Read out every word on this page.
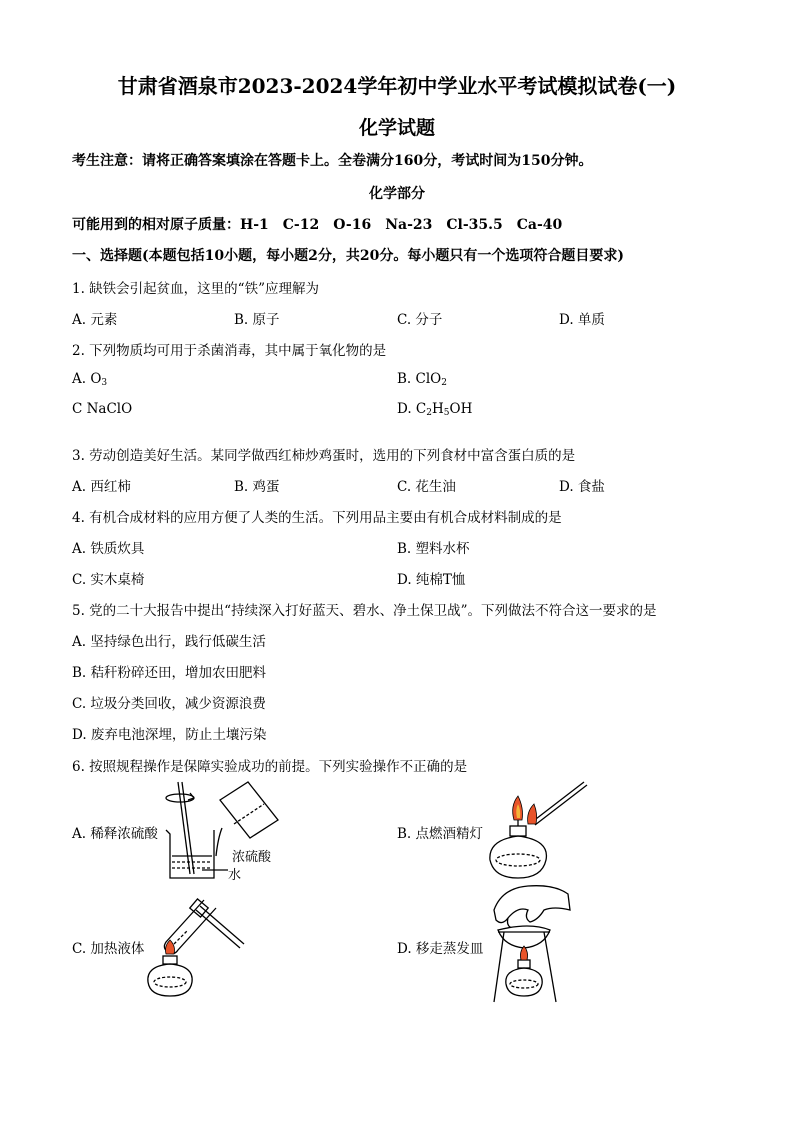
甘肃省酒泉市2023-2024学年初中学业水平考试模拟试卷(一)
化学试题
考生注意：请将正确答案填涂在答题卡上。全卷满分160分，考试时间为150分钟。
化学部分
可能用到的相对原子质量：H-1　C-12　O-16　Na-23　Cl-35.5　Ca-40
一、选择题(本题包括10小题，每小题2分，共20分。每小题只有一个选项符合题目要求)
1. 缺铁会引起贫血，这里的“铁”应理解为
A. 元素	B. 原子	C. 分子	D. 单质
2. 下列物质均可用于杀菌消毒，其中属于氧化物的是
A. $O_3$	B. ClO$_2$
C NaClO	D. $C_2H_5OH$
3. 劳动创造美好生活。某同学做西红柿炒鸡蛋时，选用的下列食材中富含蛋白质的是
A. 西红柿	B. 鸡蛋	C. 花生油	D. 食盐
4. 有机合成材料的应用方便了人类的生活。下列用品主要由有机合成材料制成的是
A. 铁质炊具	B. 塑料水杯
C. 实木桌椅	D. 纯棉T恤
5. 党的二十大报告中提出“持续深入打好蓝天、碧水、净土保卫战”。下列做法不符合这一要求的是
A. 坚持绿色出行，践行低碳生活
B. 秸秆粉碎还田，增加农田肥料
C. 垃圾分类回收，减少资源浪费
D. 废弃电池深埋，防止土壤污染
6. 按照规程操作是保障实验成功的前提。下列实验操作不正确的是
A. 稀释浓硫酸	B. 点燃酒精灯
C. 加热液体	D. 移走蒸发皿
浓硫酸
水
